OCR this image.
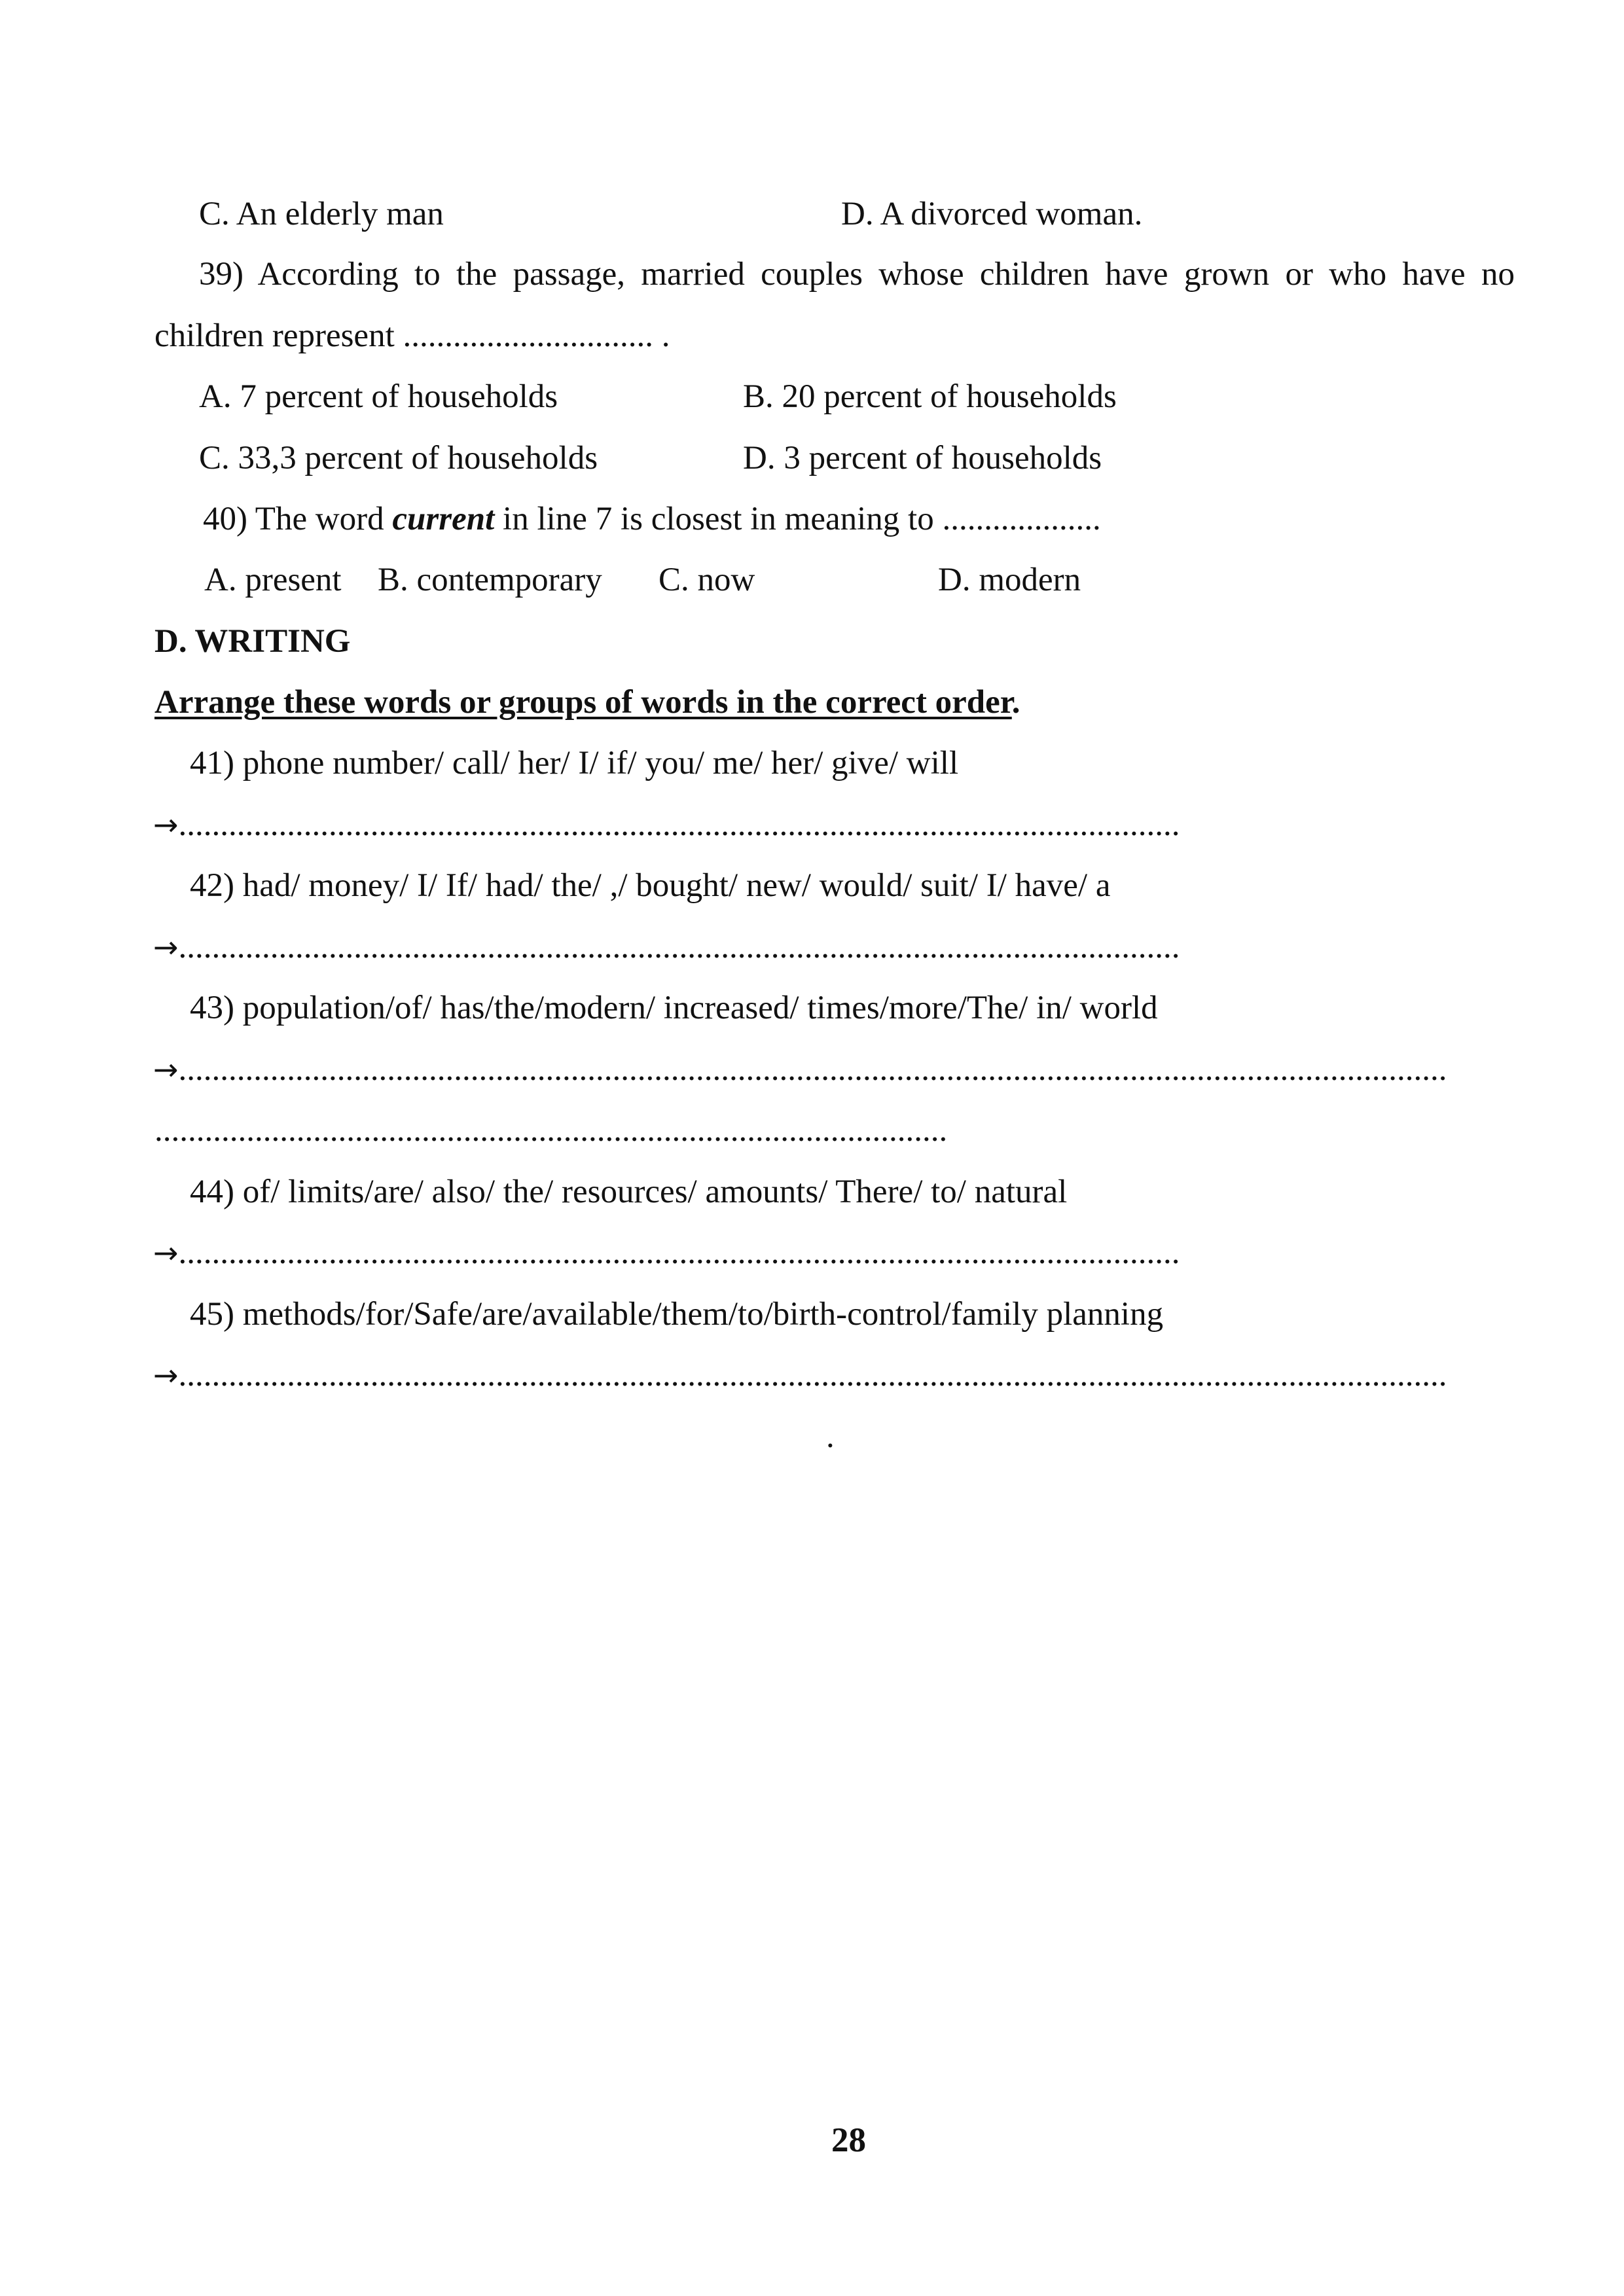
C. An elderly man	D. A divorced woman.
39) According to the passage, married couples whose children have grown or who have no
children represent .............................. .
A. 7 percent of households	B. 20 percent of households
C. 33,3 percent of households	D. 3 percent of households
40) The word current in line 7 is closest in meaning to ...................
A. present B. contemporary C. now	D. modern
D. WRITING
Arrange these words or groups of words in the correct order.
41) phone number/ call/ her/ I/ if/ you/ me/ her/ give/ will
→........................................................................................................................
42) had/ money/ I/ If/ had/ the/ ,/ bought/ new/ would/ suit/ I/ have/ a
→........................................................................................................................
43) population/of/ has/the/modern/ increased/ times/more/The/ in/ world
→........................................................................................................................................................
...............................................................................................
44) of/ limits/are/ also/ the/ resources/ amounts/ There/ to/ natural
→........................................................................................................................
45) methods/for/Safe/are/available/them/to/birth-control/family planning
→........................................................................................................................................................
.
28
